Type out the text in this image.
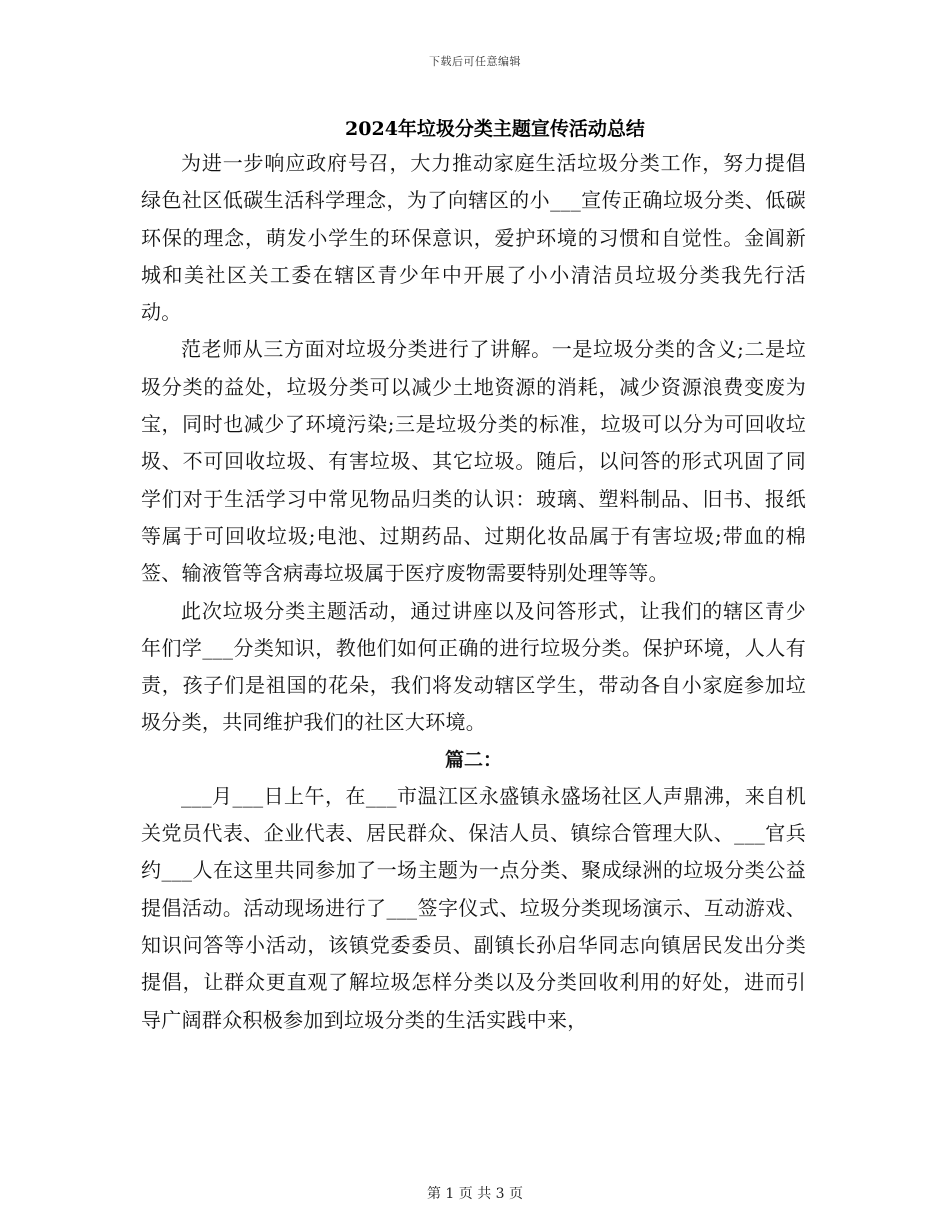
下载后可任意编辑
2024年垃圾分类主题宣传活动总结

为进一步响应政府号召，大力推动家庭生活垃圾分类工作，努力提倡绿色社区低碳生活科学理念，为了向辖区的小___宣传正确垃圾分类、低碳环保的理念，萌发小学生的环保意识，爱护环境的习惯和自觉性。金阊新城和美社区关工委在辖区青少年中开展了小小清洁员垃圾分类我先行活动。

范老师从三方面对垃圾分类进行了讲解。一是垃圾分类的含义;二是垃圾分类的益处，垃圾分类可以减少土地资源的消耗，减少资源浪费变废为宝，同时也减少了环境污染;三是垃圾分类的标准，垃圾可以分为可回收垃圾、不可回收垃圾、有害垃圾、其它垃圾。随后，以问答的形式巩固了同学们对于生活学习中常见物品归类的认识：玻璃、塑料制品、旧书、报纸等属于可回收垃圾;电池、过期药品、过期化妆品属于有害垃圾;带血的棉签、输液管等含病毒垃圾属于医疗废物需要特别处理等等。

此次垃圾分类主题活动，通过讲座以及问答形式，让我们的辖区青少年们学___分类知识，教他们如何正确的进行垃圾分类。保护环境，人人有责，孩子们是祖国的花朵，我们将发动辖区学生，带动各自小家庭参加垃圾分类，共同维护我们的社区大环境。

篇二：

___月___日上午，在___市温江区永盛镇永盛场社区人声鼎沸，来自机关党员代表、企业代表、居民群众、保洁人员、镇综合管理大队、___官兵约___人在这里共同参加了一场主题为一点分类、聚成绿洲的垃圾分类公益提倡活动。活动现场进行了___签字仪式、垃圾分类现场演示、互动游戏、知识问答等小活动，该镇党委委员、副镇长孙启华同志向镇居民发出分类提倡，让群众更直观了解垃圾怎样分类以及分类回收利用的好处，进而引导广阔群众积极参加到垃圾分类的生活实践中来，

第 1 页 共 3 页
